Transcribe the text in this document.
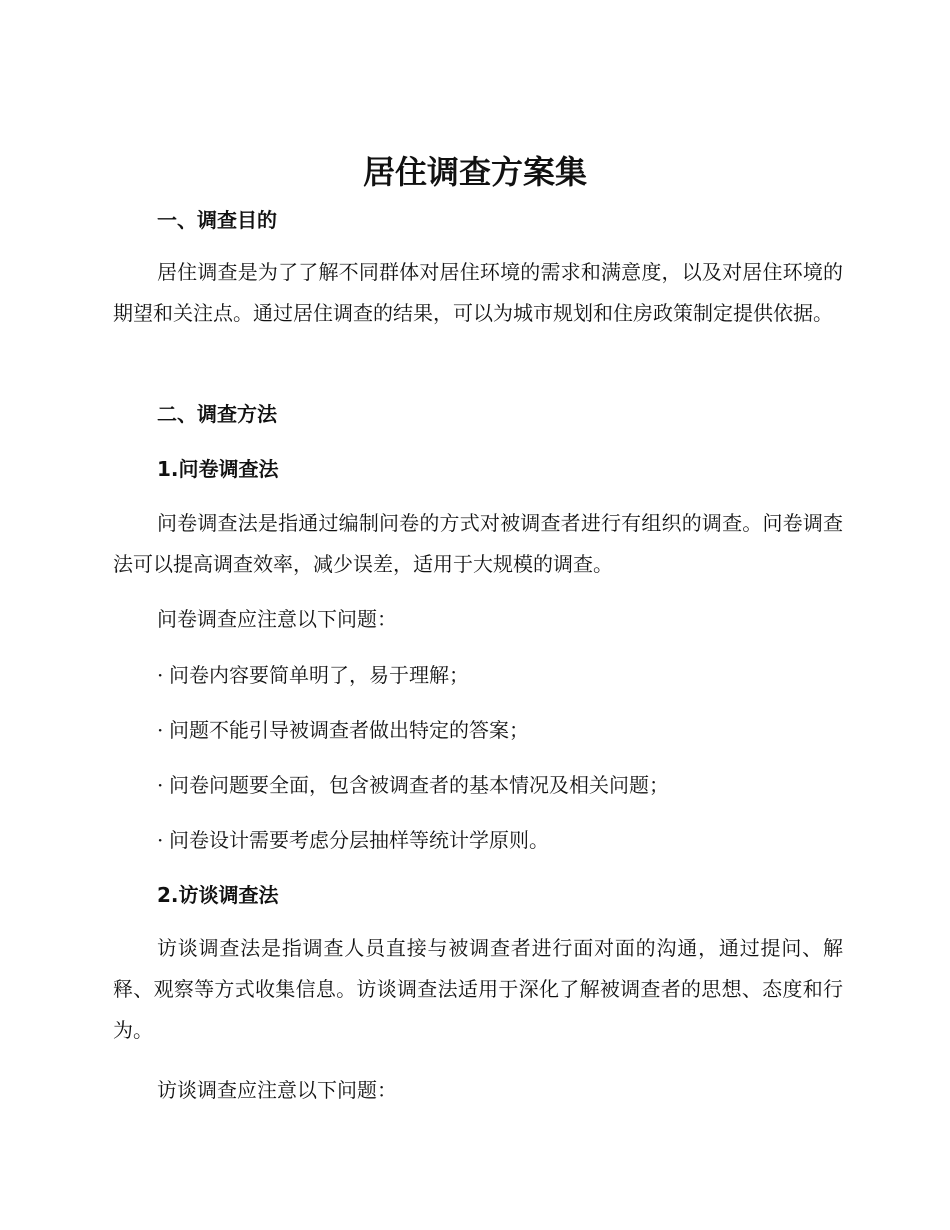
居住调查方案集
一、调查目的

居住调查是为了了解不同群体对居住环境的需求和满意度，以及对居住环境的期望和关注点。通过居住调查的结果，可以为城市规划和住房政策制定提供依据。

二、调查方法
1.问卷调查法

问卷调查法是指通过编制问卷的方式对被调查者进行有组织的调查。问卷调查法可以提高调查效率，减少误差，适用于大规模的调查。

问卷调查应注意以下问题：

· 问卷内容要简单明了，易于理解；

· 问题不能引导被调查者做出特定的答案；

· 问卷问题要全面，包含被调查者的基本情况及相关问题；

· 问卷设计需要考虑分层抽样等统计学原则。

2.访谈调查法

访谈调查法是指调查人员直接与被调查者进行面对面的沟通，通过提问、解释、观察等方式收集信息。访谈调查法适用于深化了解被调查者的思想、态度和行为。

访谈调查应注意以下问题：
